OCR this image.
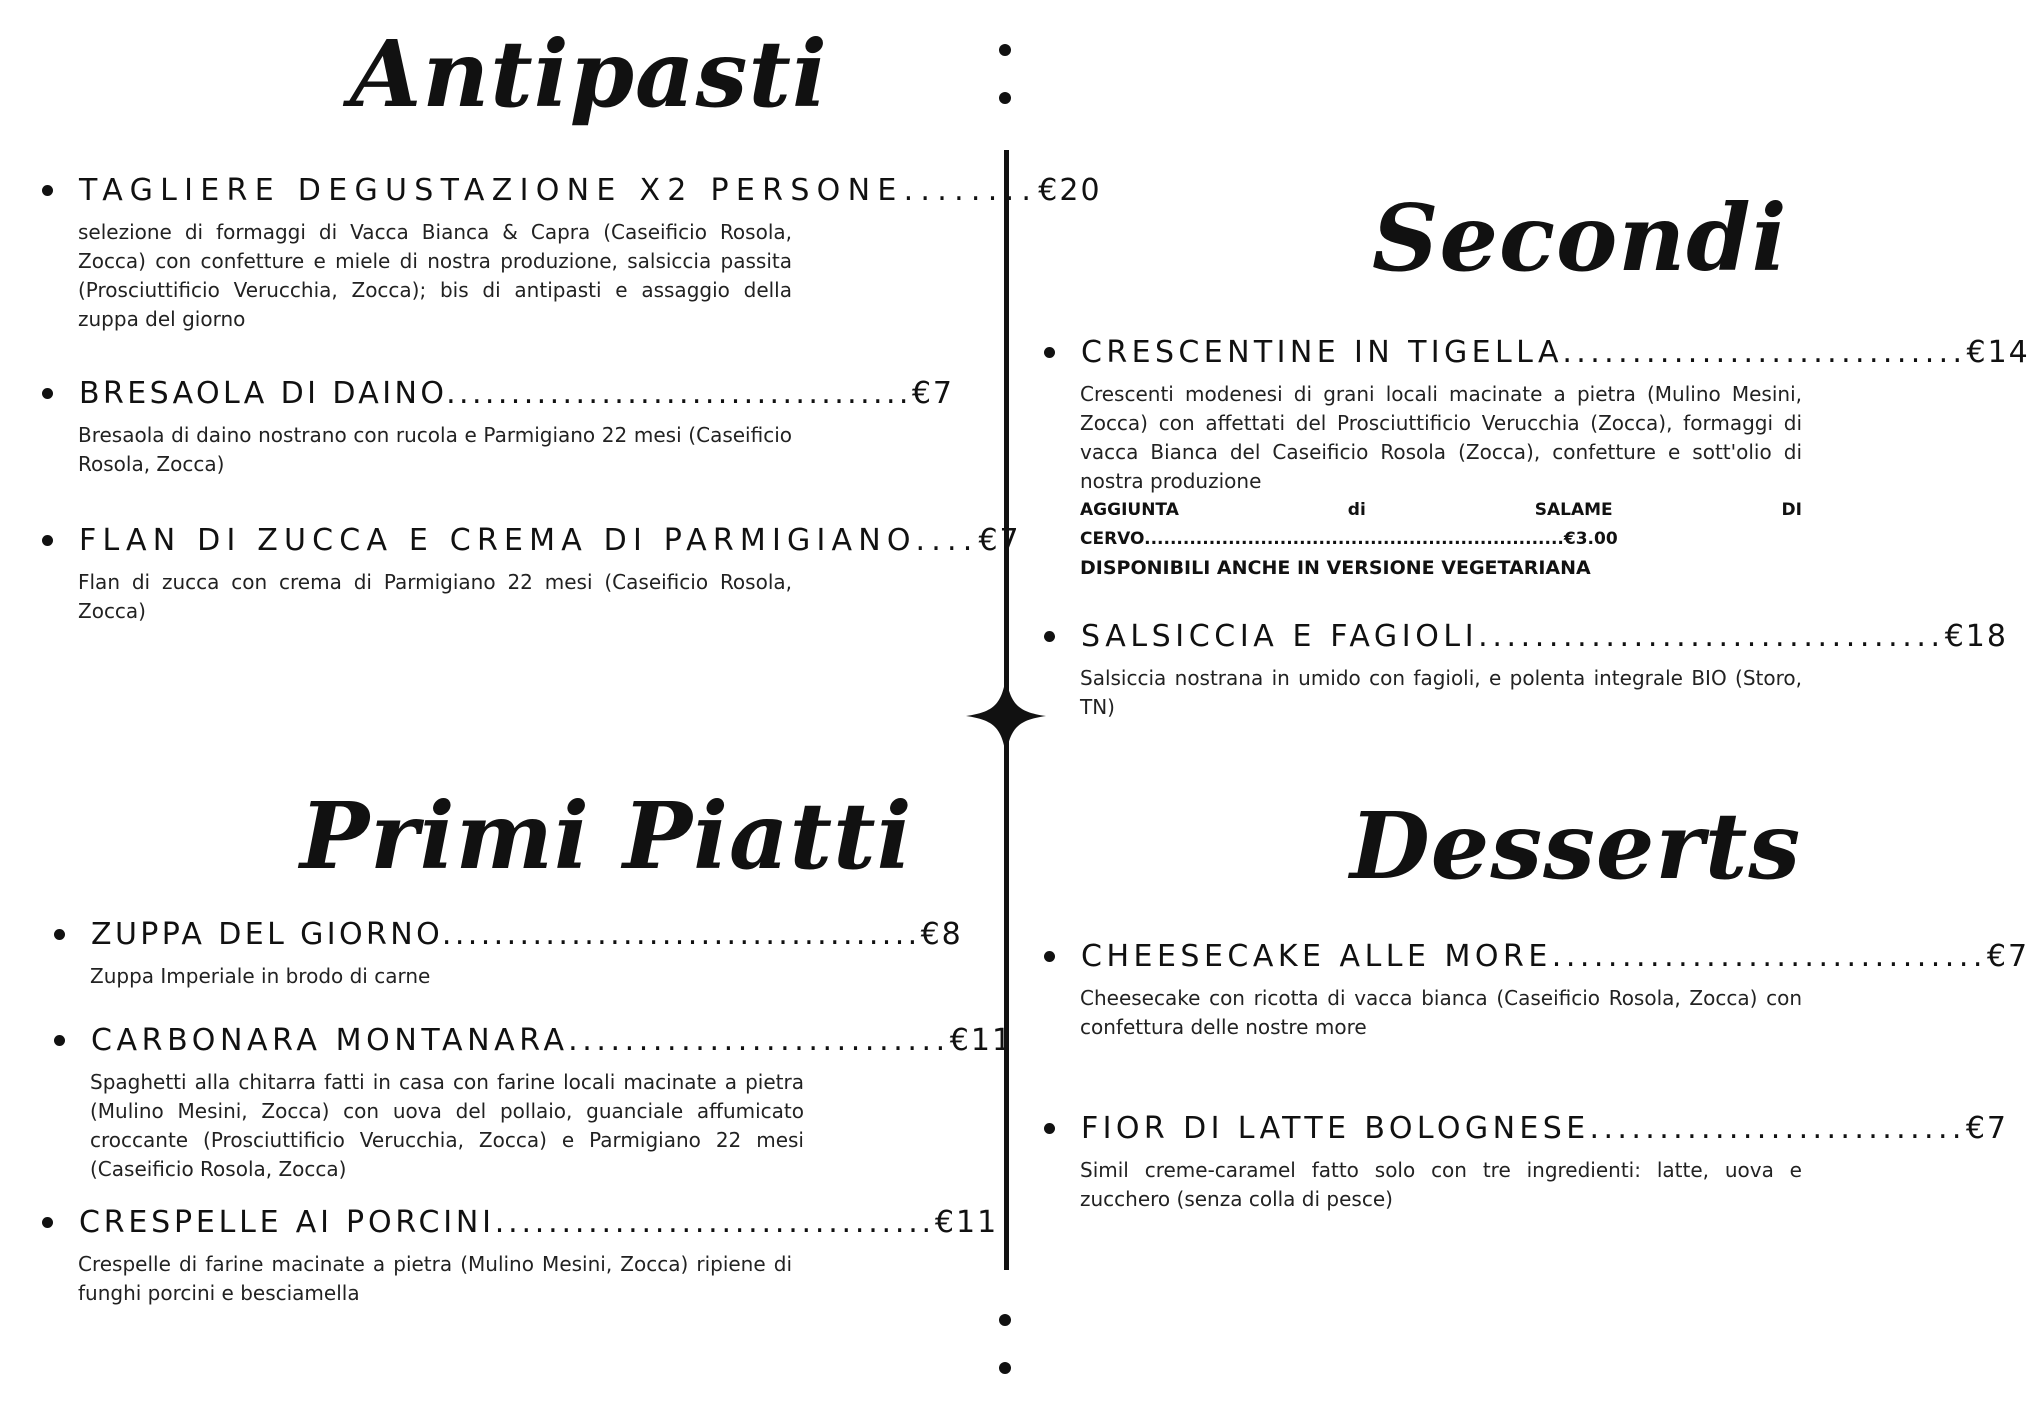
Antipasti
Secondi
Primi Piatti	Desserts
TAGLIERE DEGUSTAZIONE X2 PERSONE........ €20
selezione di formaggi di Vacca Bianca & Capra (Caseificio Rosola, Zocca) con confetture e miele di nostra produzione, salsiccia passita (Prosciuttificio Verucchia, Zocca); bis di antipasti e assaggio della zuppa del giorno
BRESAOLA DI DAINO.................................... €7
Bresaola di daino nostrano con rucola e Parmigiano 22 mesi (Caseificio Rosola, Zocca)
FLAN DI ZUCCA E CREMA DI PARMIGIANO.... €7
Flan di zucca con crema di Parmigiano 22 mesi (Caseificio Rosola, Zocca)
ZUPPA DEL GIORNO..................................... €8
Zuppa Imperiale in brodo di carne
CARBONARA MONTANARA........................... €11
Spaghetti alla chitarra fatti in casa con farine locali macinate a pietra (Mulino Mesini, Zocca) con uova del pollaio, guanciale affumicato croccante (Prosciuttificio Verucchia, Zocca) e Parmigiano 22 mesi (Caseificio Rosola, Zocca)
CRESPELLE AI PORCINI................................. €11
Crespelle di farine macinate a pietra (Mulino Mesini, Zocca) ripiene di funghi porcini e besciamella
CRESCENTINE IN TIGELLA............................. €14
Crescenti modenesi di grani locali macinate a pietra (Mulino Mesini, Zocca) con affettati del Prosciuttificio Verucchia (Zocca), formaggi di vacca Bianca del Caseificio Rosola (Zocca), confetture e sott'olio di nostra produzione
AGGIUNTA di SALAME DI CERVO.................................................................€3.00
DISPONIBILI ANCHE IN VERSIONE VEGETARIANA
SALSICCIA E FAGIOLI................................. €18
Salsiccia nostrana in umido con fagioli, e polenta integrale BIO (Storo, TN)
CHEESECAKE ALLE MORE............................... €7
Cheesecake con ricotta di vacca bianca (Caseificio Rosola, Zocca) con confettura delle nostre more
FIOR DI LATTE BOLOGNESE........................... €7
Simil creme-caramel fatto solo con tre ingredienti: latte, uova e zucchero (senza colla di pesce)
